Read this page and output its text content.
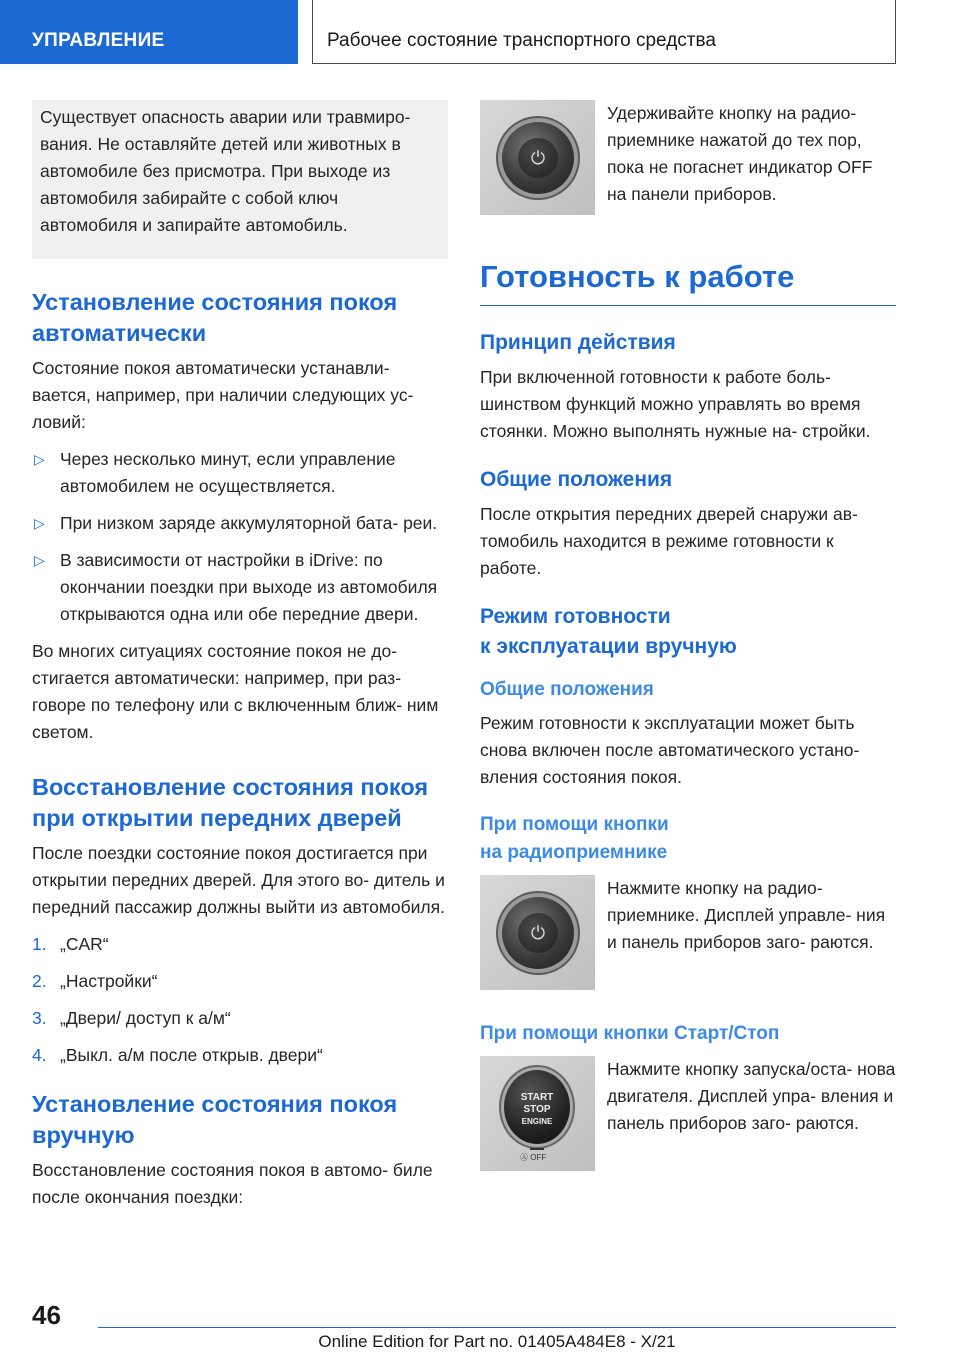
УПРАВЛЕНИЕ	Рабочее состояние транспортного средства

Существует опасность аварии или травмиро- вания. Не оставляйте детей или животных в автомобиле без присмотра. При выходе из автомобиля забирайте с собой ключ автомобиля и запирайте автомобиль.

Установление состояния покоя автоматически

Состояние покоя автоматически устанавли- вается, например, при наличии следующих ус- ловий:

▷ Через несколько минут, если управление автомобилем не осуществляется.
▷ При низком заряде аккумуляторной бата- реи.
▷ В зависимости от настройки в iDrive: по окончании поездки при выходе из автомобиля открываются одна или обе передние двери.

Во многих ситуациях состояние покоя не до- стигается автоматически: например, при раз- говоре по телефону или с включенным ближ- ним светом.

Восстановление состояния покоя при открытии передних дверей

После поездки состояние покоя достигается при открытии передних дверей. Для этого во- дитель и передний пассажир должны выйти из автомобиля.

1. „CAR“
2. „Настройки“
3. „Двери/ доступ к а/м“
4. „Выкл. а/м после открыв. двери“
Установление состояния покоя вручную

Восстановление состояния покоя в автомо- биле после окончания поездки:

⏻

Удерживайте кнопку на радио- приемнике нажатой до тех пор, пока не погаснет индикатор OFF на панели приборов.

Готовность к работе
Принцип действия

При включенной готовности к работе боль- шинством функций можно управлять во время стоянки. Можно выполнять нужные на- стройки.

Общие положения

После открытия передних дверей снаружи ав- томобиль находится в режиме готовности к работе.

Режим готовности
к эксплуатации вручную
Общие положения

Режим готовности к эксплуатации может быть снова включен после автоматического устано- вления состояния покоя.

При помощи кнопки
на радиоприемнике
⏻

Нажмите кнопку на радио- приемнике. Дисплей управле- ния и панель приборов заго- раются.

При помощи кнопки Старт/Стоп
START
STOP
ENGINE
Ⓐ OFF

Нажмите кнопку запуска/оста- нова двигателя. Дисплей упра- вления и панель приборов заго- раются.

46
Online Edition for Part no. 01405A484E8 - X/21
